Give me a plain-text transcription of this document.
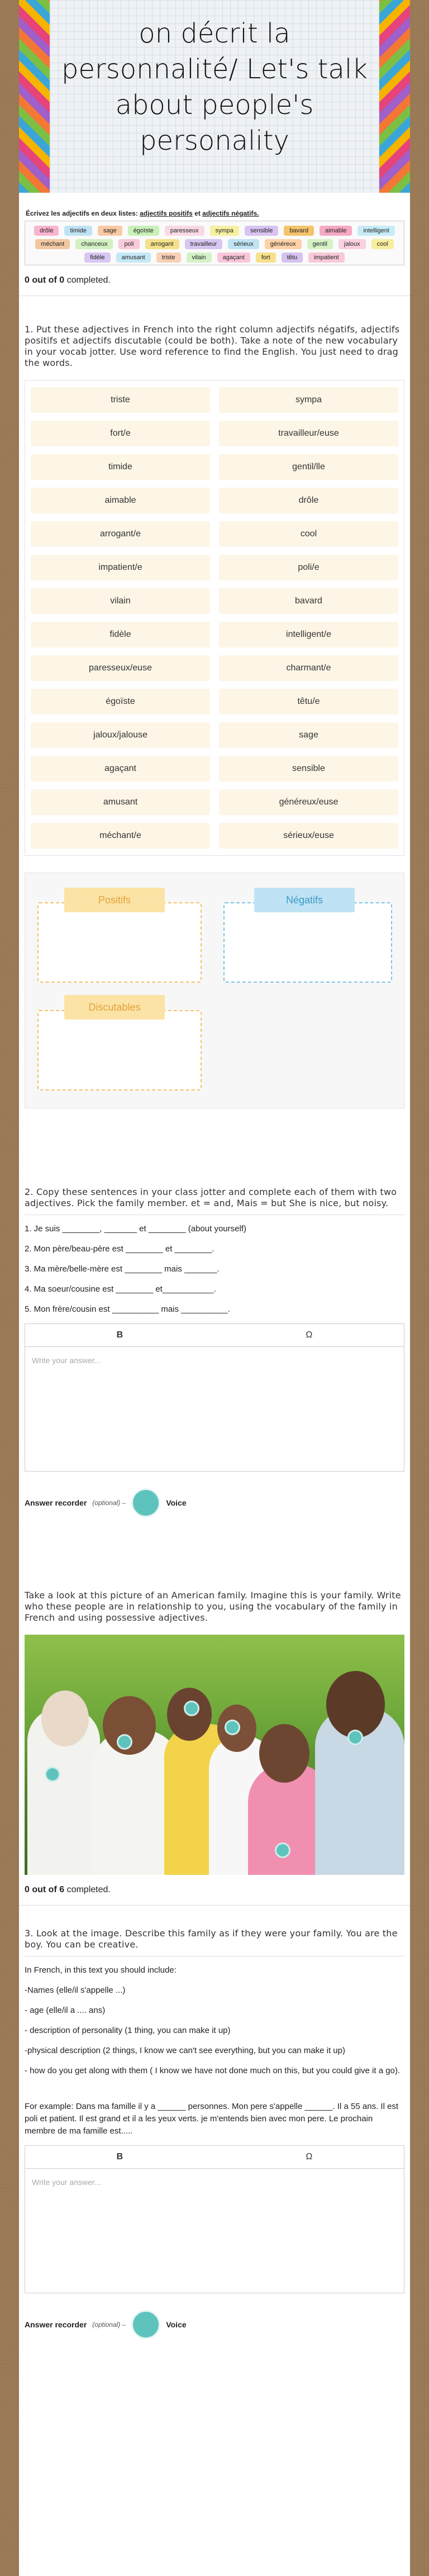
on décrit la personnalité/ Let's talk about people's personality
Écrivez les adjectifs en deux listes: adjectifs positifs et adjectifs négatifs.
drôle	timide	sage	égoïste	paresseux	sympa	sensible	bavard	aimable	intelligent
méchant	chanceux	poli	arrogant	travailleur	sérieux	généreux	gentil	jaloux	cool
fidèle	amusant	triste	vilain	agaçant	fort	têtu	impatient
0 out of 0 completed.
1. Put these adjectives in French into the right column adjectifs négatifs, adjectifs positifs et adjectifs discutable (could be both). Take a note of the new vocabulary in your vocab jotter. Use word reference to find the English. You just need to drag the words.
triste	sympa
fort/e	travailleur/euse
timide	gentil/lle
aimable	drôle
arrogant/e	cool
impatient/e	poli/e
vilain	bavard
fidèle	intelligent/e
paresseux/euse	charmant/e
égoïste	têtu/e
jaloux/jalouse	sage
agaçant	sensible
amusant	généreux/euse
méchant/e	sérieux/euse
Positifs	Négatifs
Discutables
2. Copy these sentences in your class jotter and complete each of them with two adjectives. Pick the family member. et = and, Mais = but She is nice, but noisy.
1. Je suis ________, _______ et ________ (about yourself)
2. Mon père/beau-père est ________ et ________.
3. Ma mère/belle-mère est ________ mais _______.
4. Ma soeur/cousine est ________ et___________.
5. Mon frère/cousin est __________ mais __________.
B	Ω
Write your answer...
Answer recorder (optional) –	Voice
Take a look at this picture of an American family. Imagine this is your family. Write who these people are in relationship to you, using the vocabulary of the family in French and using possessive adjectives.
0 out of 6 completed.
3. Look at the image. Describe this family as if they were your family. You are the boy. You can be creative.
In French, in this text you should include:
-Names (elle/il s'appelle ...)
- age (elle/il a .... ans)
- description of personality (1 thing, you can make it up)
-physical description (2 things, I know we can't see everything, but you can make it up)
- how do you get along with them ( I know we have not done much on this, but you could give it a go).
For example: Dans ma famille il y a ______ personnes. Mon pere s'appelle ______. Il a 55 ans. Il est poli et patient. Il est grand et il a les yeux verts. je m'entends bien avec mon pere. Le prochain membre de ma famille est.....
B	Ω
Write your answer...
Answer recorder (optional) –	Voice
